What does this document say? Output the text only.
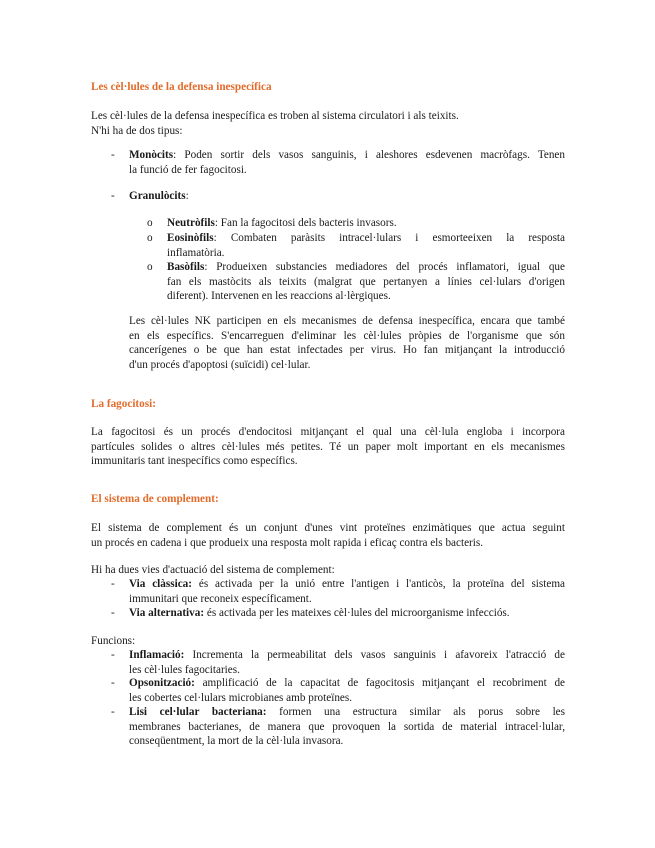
Les cèl·lules de la defensa inespecífica
Les cèl·lules de la defensa inespecífica es troben al sistema circulatori i als teixits.
N'hi ha de dos tipus:
- Monòcits: Poden sortir dels vasos sanguinis, i aleshores esdevenen macròfags. Tenen
la funció de fer fagocitosi.
- Granulòcits:
o Neutròfils: Fan la fagocitosi dels bacteris invasors.
o Eosinòfils: Combaten paràsits intracel·lulars i esmorteeixen la resposta
inflamatòria.
o Basòfils: Produeixen substancies mediadores del procés inflamatori, igual que
fan els mastòcits als teixits (malgrat que pertanyen a línies cel·lulars d'origen
diferent). Intervenen en les reaccions al·lèrgiques.
Les cèl·lules NK participen en els mecanismes de defensa inespecífica, encara que també
en els específics. S'encarreguen d'eliminar les cèl·lules pròpies de l'organisme que són
cancerígenes o be que han estat infectades per virus. Ho fan mitjançant la introducció
d'un procés d'apoptosi (suïcidi) cel·lular.
La fagocitosi:
La fagocitosi és un procés d'endocitosi mitjançant el qual una cèl·lula engloba i incorpora
partícules solides o altres cèl·lules més petites. Té un paper molt important en els mecanismes
immunitaris tant inespecífics como específics.
El sistema de complement:
El sistema de complement és un conjunt d'unes vint proteïnes enzimàtiques que actua seguint
un procés en cadena i que produeix una resposta molt rapida i eficaç contra els bacteris.
Hi ha dues vies d'actuació del sistema de complement:
- Via clàssica: és activada per la unió entre l'antigen i l'anticòs, la proteïna del sistema
immunitari que reconeix específicament.
- Via alternativa: és activada per les mateixes cèl·lules del microorganisme infecciós.
Funcions:
- Inflamació: Incrementa la permeabilitat dels vasos sanguinis i afavoreix l'atracció de
les cèl·lules fagocitaries.
- Opsonització: amplificació de la capacitat de fagocitosis mitjançant el recobriment de
les cobertes cel·lulars microbianes amb proteïnes.
- Lisi cel·lular bacteriana: formen una estructura similar als porus sobre les
membranes bacterianes, de manera que provoquen la sortida de material intracel·lular,
conseqüentment, la mort de la cèl·lula invasora.
